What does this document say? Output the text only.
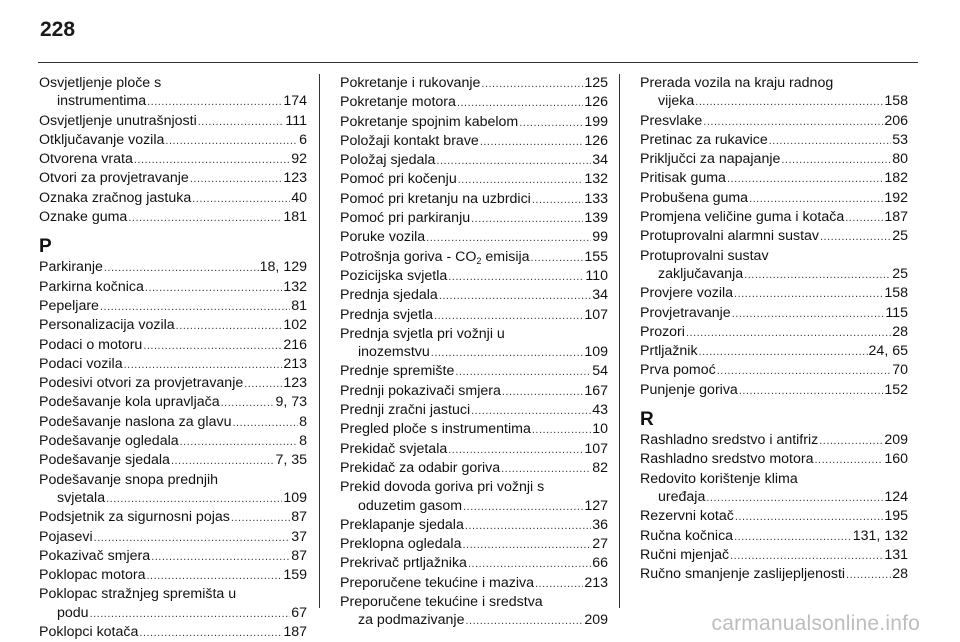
228
Osvjetljenje ploče s
instrumentima .....	174
Osvjetljenje unutrašnjosti .....	111
Otključavanje vozila .....	6
Otvorena vrata .....	92
Otvori za provjetravanje .....	123
Oznaka zračnog jastuka .....	40
Oznake guma .....	181
P
Parkiranje .....	18, 129
Parkirna kočnica .....	132
Pepeljare .....	81
Personalizacija vozila .....	102
Podaci o motoru .....	216
Podaci vozila .....	213
Podesivi otvori za provjetravanje .....	123
Podešavanje kola upravljača .....	9, 73
Podešavanje naslona za glavu .....	8
Podešavanje ogledala .....	8
Podešavanje sjedala .....	7, 35
Podešavanje snopa prednjih
svjetala .....	109
Podsjetnik za sigurnosni pojas .....	87
Pojasevi .....	37
Pokazivač smjera .....	87
Poklopac motora .....	159
Poklopac stražnjeg spremišta u
podu .....	67
Poklopci kotača .....	187
Pokretanje i rukovanje .....	125
Pokretanje motora .....	126
Pokretanje spojnim kabelom .....	199
Položaji kontakt brave .....	126
Položaj sjedala .....	34
Pomoć pri kočenju .....	132
Pomoć pri kretanju na uzbrdici .....	133
Pomoć pri parkiranju .....	139
Poruke vozila .....	99
Potrošnja goriva - $CO_2$ emisija .....	155
Pozicijska svjetla .....	110
Prednja sjedala .....	34
Prednja svjetla .....	107
Prednja svjetla pri vožnji u
inozemstvu .....	109
Prednje spremište .....	54
Prednji pokazivači smjera .....	167
Prednji zračni jastuci .....	43
Pregled ploče s instrumentima .....	10
Prekidač svjetala .....	107
Prekidač za odabir goriva .....	82
Prekid dovoda goriva pri vožnji s
oduzetim gasom .....	127
Preklapanje sjedala .....	36
Preklopna ogledala .....	27
Prekrivač prtljažnika .....	66
Preporučene tekućine i maziva .....	213
Preporučene tekućine i sredstva
za podmazivanje .....	209
Prerada vozila na kraju radnog
vijeka .....	158
Presvlake .....	206
Pretinac za rukavice .....	53
Priključci za napajanje .....	80
Pritisak guma .....	182
Probušena guma .....	192
Promjena veličine guma i kotača .....	187
Protuprovalni alarmni sustav .....	25
Protuprovalni sustav
zaključavanja .....	25
Provjere vozila .....	158
Provjetravanje .....	115
Prozori .....	28
Prtljažnik .....	24, 65
Prva pomoć .....	70
Punjenje goriva .....	152
R
Rashladno sredstvo i antifriz .....	209
Rashladno sredstvo motora .....	160
Redovito korištenje klima
uređaja .....	124
Rezervni kotač .....	195
Ručna kočnica .....	131, 132
Ručni mjenjač .....	131
Ručno smanjenje zaslijepljenosti .....	28
carmanualsonline.info
